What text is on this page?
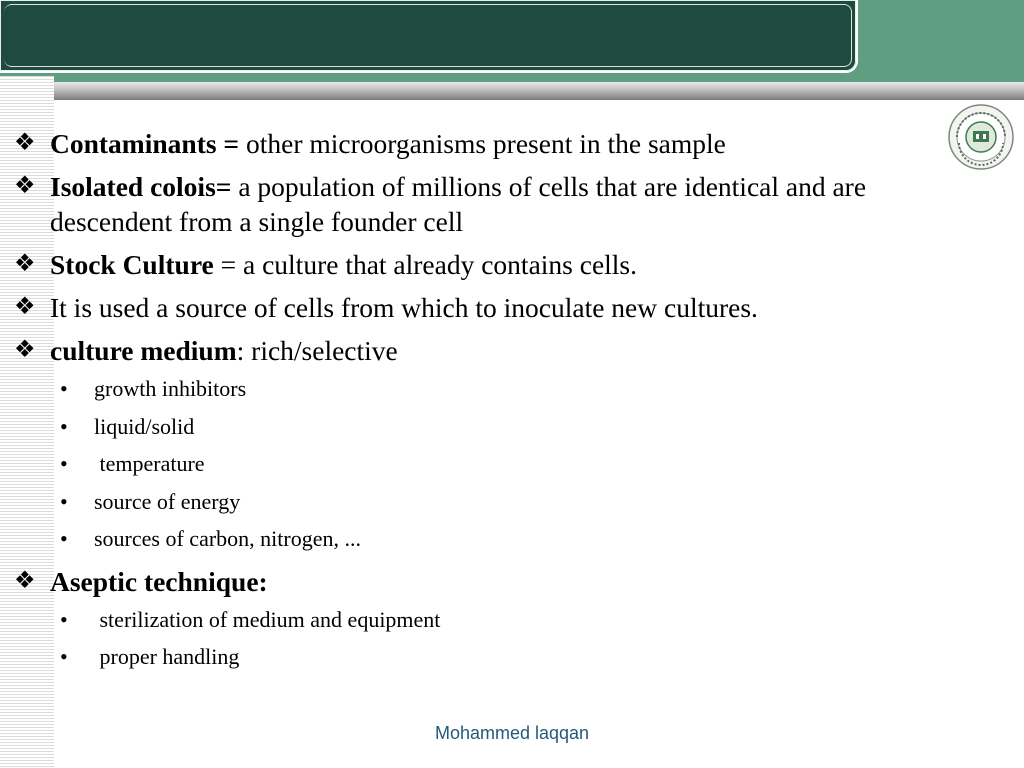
❖ Contaminants = other microorganisms present in the sample
❖ Isolated colois= a population of millions of cells that are identical and are descendent from a single founder cell
❖ Stock Culture = a culture that already contains cells.
❖ It is used a source of cells from which to inoculate new cultures.
❖ culture medium: rich/selective
• growth inhibitors
• liquid/solid
• temperature
• source of energy
• sources of carbon, nitrogen, ...
❖ Aseptic technique:
• sterilization of medium and equipment
• proper handling
Mohammed laqqan
